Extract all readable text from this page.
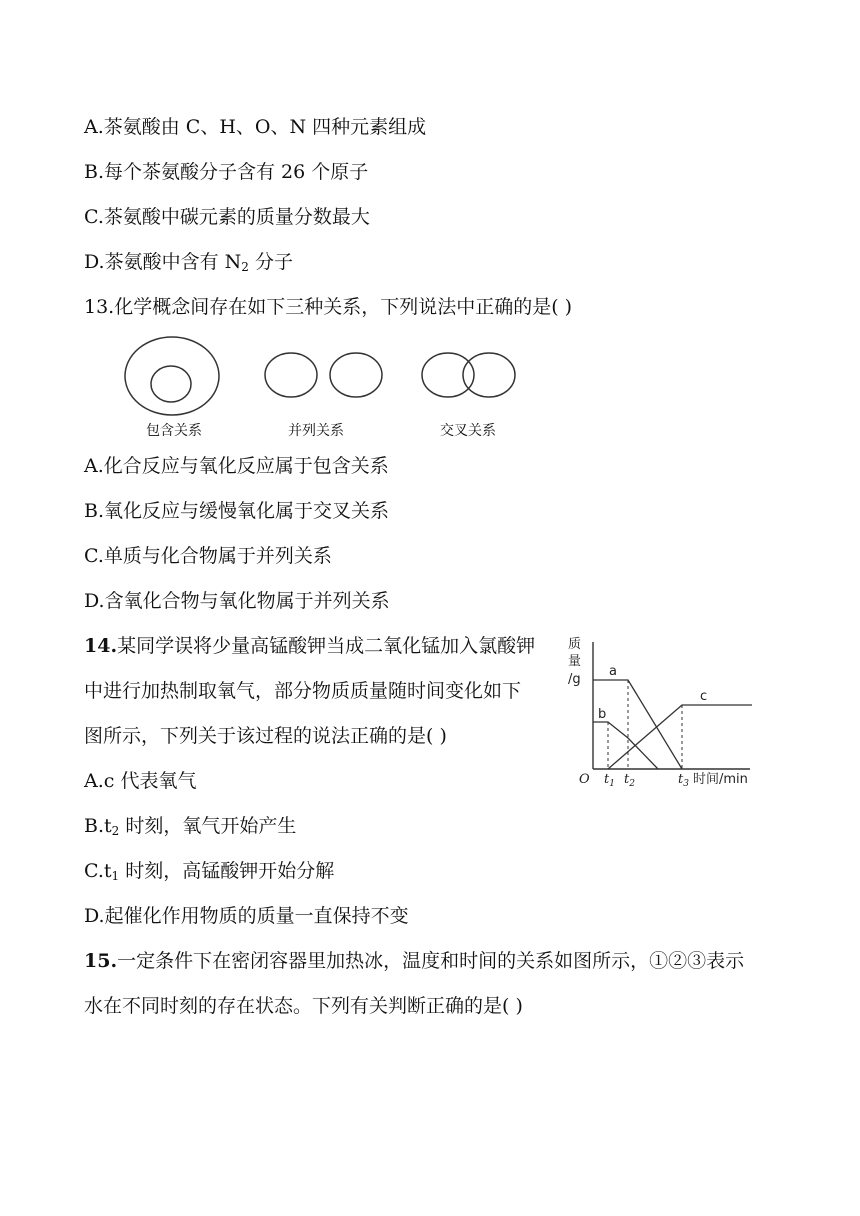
A.茶氨酸由 C、H、O、N 四种元素组成
B.每个茶氨酸分子含有 26 个原子
C.茶氨酸中碳元素的质量分数最大
D.茶氨酸中含有 $N_2$ 分子
13.化学概念间存在如下三种关系，下列说法中正确的是( )
包含关系	并列关系	交叉关系
A.化合反应与氧化反应属于包含关系
B.氧化反应与缓慢氧化属于交叉关系
C.单质与化合物属于并列关系
D.含氧化合物与氧化物属于并列关系
14.某同学误将少量高锰酸钾当成二氧化锰加入氯酸钾
中进行加热制取氧气，部分物质质量随时间变化如下
图所示，下列关于该过程的说法正确的是( )
A.c 代表氧气
$B.t_2$ 时刻，氧气开始产生
$C.t_1$ 时刻，高锰酸钾开始分解
D.起催化作用物质的质量一直保持不变
质
量
/g
a
b
c
O $t_1$ $t_2$	$t_3$ 时间/min
15.一定条件下在密闭容器里加热冰，温度和时间的关系如图所示，①②③表示
水在不同时刻的存在状态。下列有关判断正确的是( )
